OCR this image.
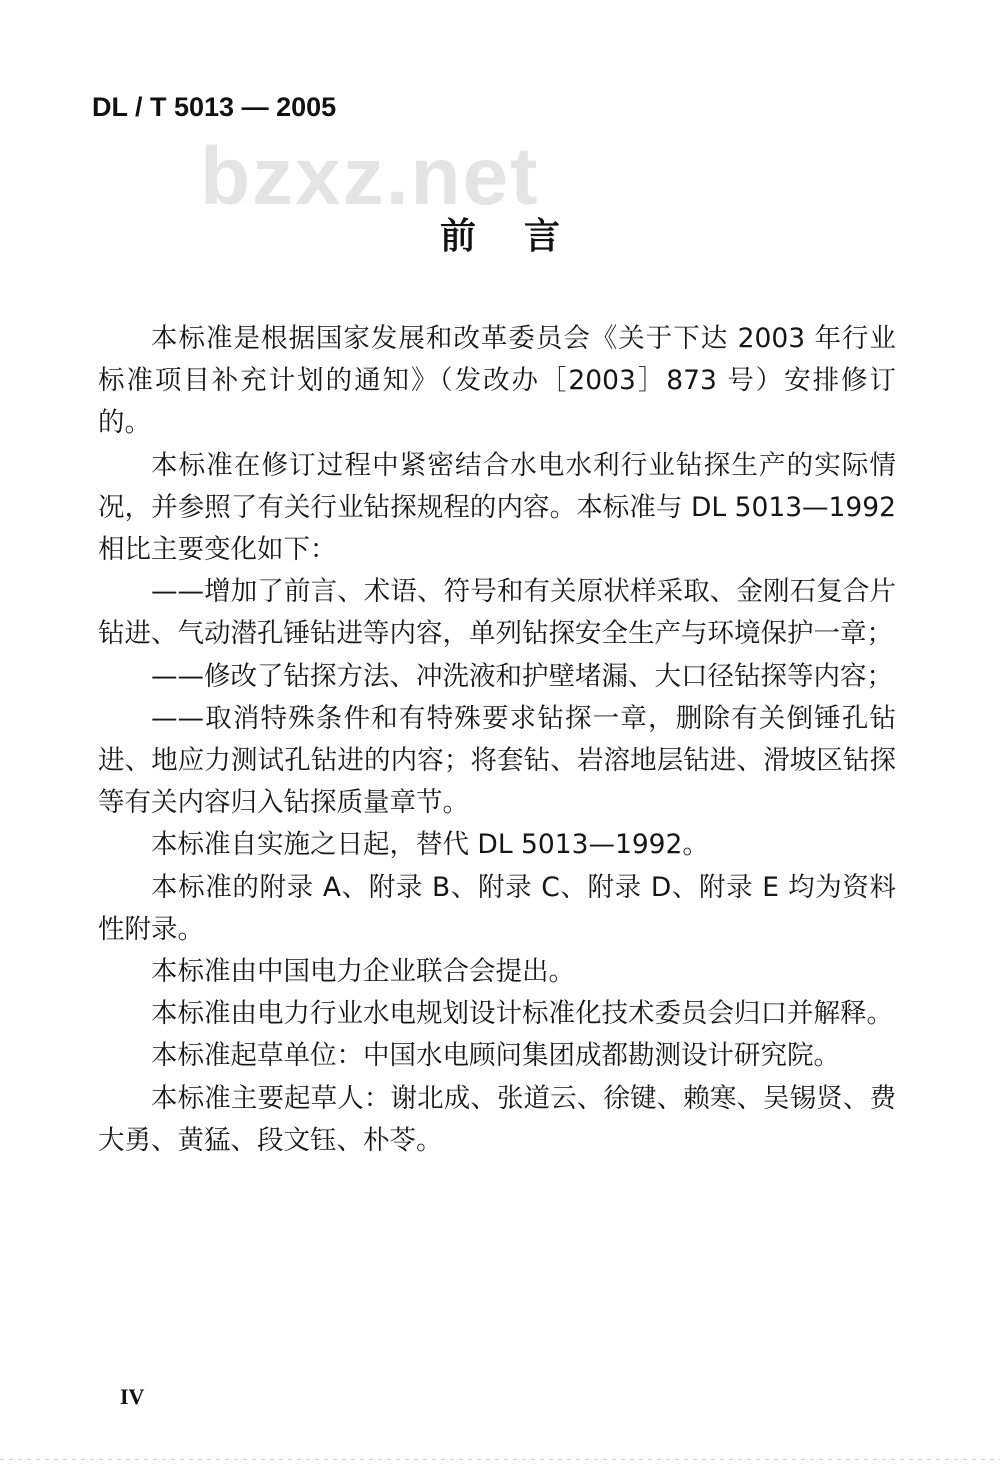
DL / T 5013 — 2005
bzxz.net
前言

本标准是根据国家发展和改革委员会《关于下达 2003 年行业标准项目补充计划的通知》（发改办［2003］873 号）安排修订的。

本标准在修订过程中紧密结合水电水利行业钻探生产的实际情况，并参照了有关行业钻探规程的内容。本标准与 DL 5013—1992 相比主要变化如下：

——增加了前言、术语、符号和有关原状样采取、金刚石复合片钻进、气动潜孔锤钻进等内容，单列钻探安全生产与环境保护一章；

——修改了钻探方法、冲洗液和护壁堵漏、大口径钻探等内容；

——取消特殊条件和有特殊要求钻探一章，删除有关倒锤孔钻进、地应力测试孔钻进的内容；将套钻、岩溶地层钻进、滑坡区钻探等有关内容归入钻探质量章节。

本标准自实施之日起，替代 DL 5013—1992。

本标准的附录 A、附录 B、附录 C、附录 D、附录 E 均为资料性附录。

本标准由中国电力企业联合会提出。

本标准由电力行业水电规划设计标准化技术委员会归口并解释。

本标准起草单位：中国水电顾问集团成都勘测设计研究院。

本标准主要起草人：谢北成、张道云、徐键、赖寒、吴锡贤、费大勇、黄猛、段文钰、朴苓。

IV
